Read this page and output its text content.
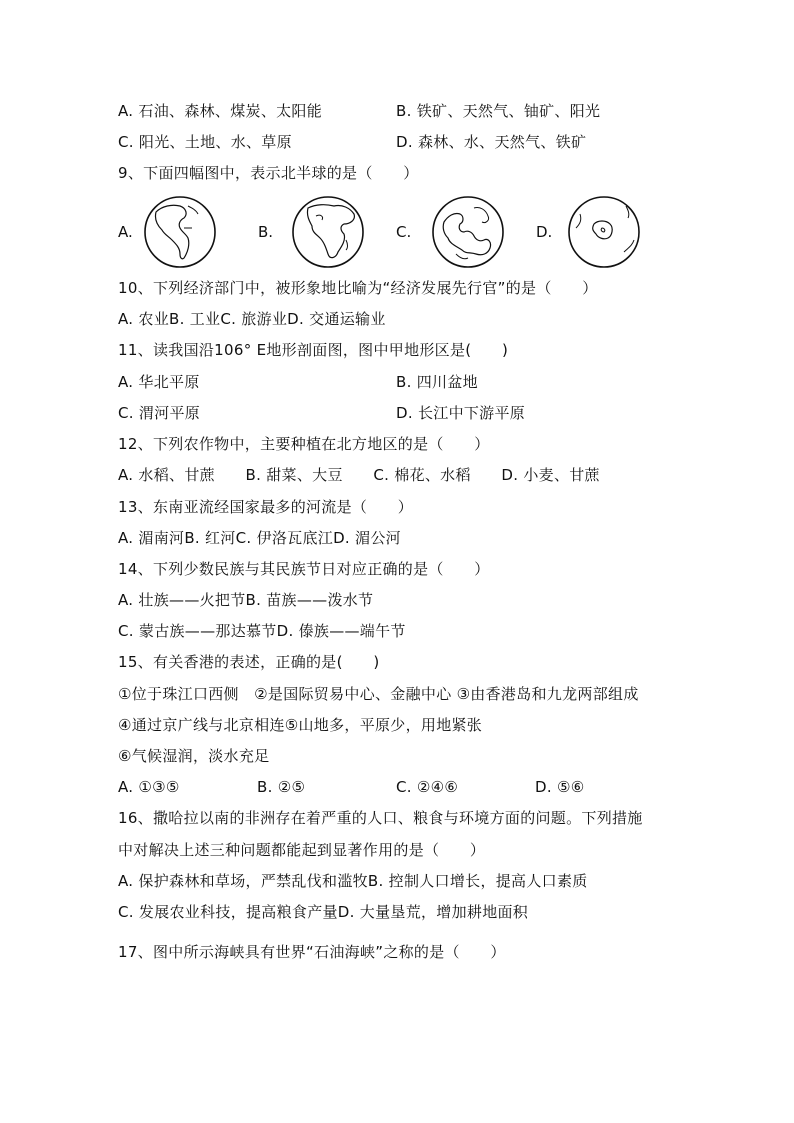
A. 石油、森林、煤炭、太阳能	B. 铁矿、天然气、铀矿、阳光
C. 阳光、土地、水、草原	D. 森林、水、天然气、铁矿
9、下面四幅图中，表示北半球的是（　　）
A.	B.	C.	D.
10、下列经济部门中，被形象地比喻为“经济发展先行官”的是（　　）
A. 农业B. 工业C. 旅游业D. 交通运输业
11、读我国沿106° E地形剖面图，图中甲地形区是(　　)
A. 华北平原	B. 四川盆地
C. 渭河平原	D. 长江中下游平原
12、下列农作物中，主要种植在北方地区的是（　　）
A. 水稻、甘蔗　　B. 甜菜、大豆　　C. 棉花、水稻　　D. 小麦、甘蔗
13、东南亚流经国家最多的河流是（　　）
A. 湄南河B. 红河C. 伊洛瓦底江D. 湄公河
14、下列少数民族与其民族节日对应正确的是（　　）
A. 壮族——火把节B. 苗族——泼水节
C. 蒙古族——那达慕节D. 傣族——端午节
15、有关香港的表述，正确的是(　　)
①位于珠江口西侧　②是国际贸易中心、金融中心 ③由香港岛和九龙两部组成
④通过京广线与北京相连⑤山地多，平原少，用地紧张
⑥气候湿润，淡水充足
A. ①③⑤	B. ②⑤	C. ②④⑥	D. ⑤⑥
16、撒哈拉以南的非洲存在着严重的人口、粮食与环境方面的问题。下列措施
中对解决上述三种问题都能起到显著作用的是（　　）
A. 保护森林和草场，严禁乱伐和滥牧B. 控制人口增长，提高人口素质
C. 发展农业科技，提高粮食产量D. 大量垦荒，增加耕地面积
17、图中所示海峡具有世界“石油海峡”之称的是（　　）
